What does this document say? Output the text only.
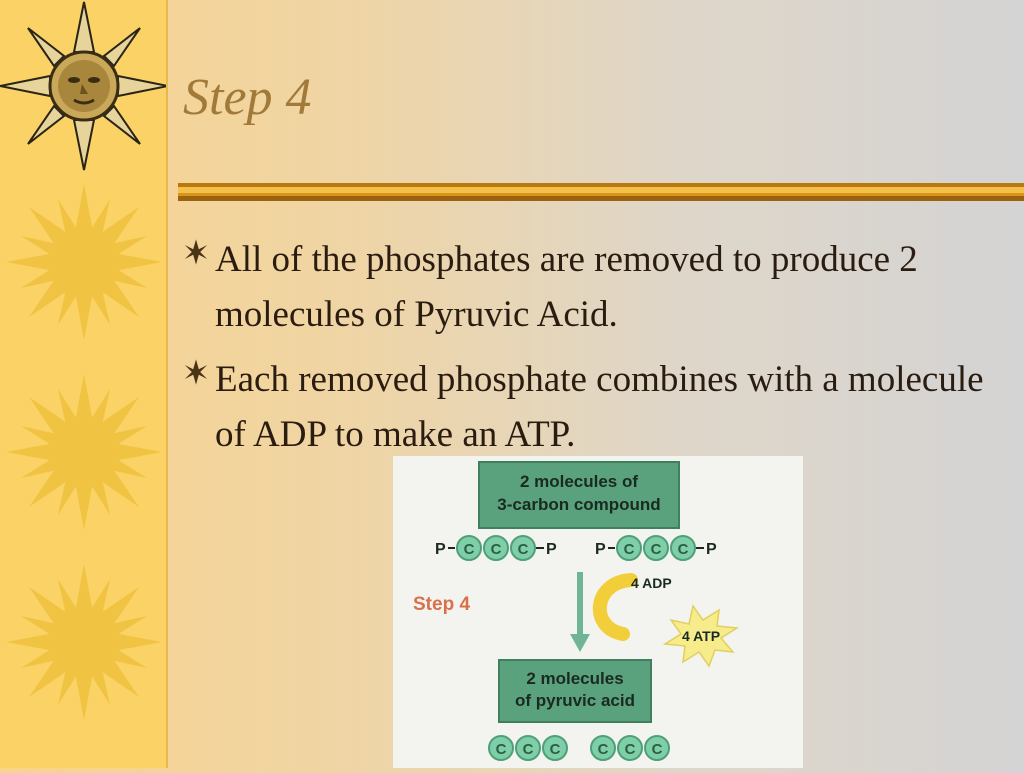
Step 4
All of the phosphates are removed to produce 2 molecules of Pyruvic Acid.
Each removed phosphate combines with a molecule of ADP to make an ATP.
2 molecules of
3-carbon compound
P C C C P P C C C P
Step 4
4 ADP
4 ATP
2 molecules
of pyruvic acid
C C C C C C
